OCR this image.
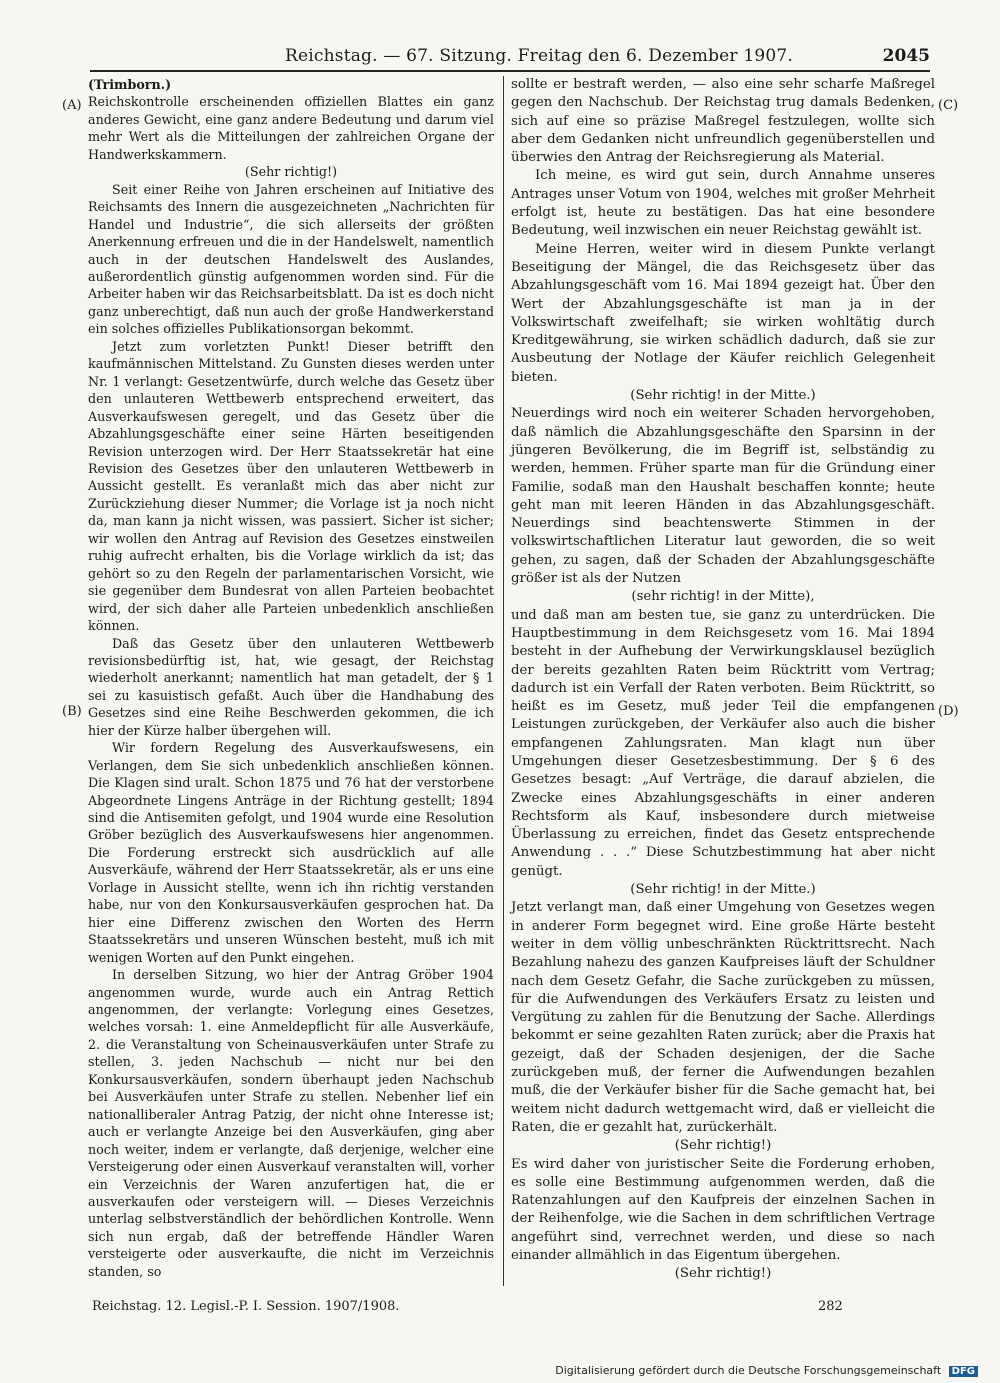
Reichstag. — 67. Sitzung. Freitag den 6. Dezember 1907.	2045
(A)
(B)
(C)
(D)
(Trimborn.)

Reichskontrolle erscheinenden offiziellen Blattes ein ganz anderes Gewicht, eine ganz andere Bedeutung und darum viel mehr Wert als die Mitteilungen der zahlreichen Organe der Handwerkskammern.

(Sehr richtig!)

Seit einer Reihe von Jahren erscheinen auf Initiative des Reichsamts des Innern die ausgezeichneten „Nachrichten für Handel und Industrie“, die sich allerseits der größten Anerkennung erfreuen und die in der Handelswelt, namentlich auch in der deutschen Handelswelt des Auslandes, außerordentlich günstig aufgenommen worden sind. Für die Arbeiter haben wir das Reichsarbeitsblatt. Da ist es doch nicht ganz unberechtigt, daß nun auch der große Handwerkerstand ein solches offizielles Publikationsorgan bekommt.

Jetzt zum vorletzten Punkt! Dieser betrifft den kaufmännischen Mittelstand. Zu Gunsten dieses werden unter Nr. 1 verlangt: Gesetzentwürfe, durch welche das Gesetz über den unlauteren Wettbewerb entsprechend erweitert, das Ausverkaufswesen geregelt, und das Gesetz über die Abzahlungsgeschäfte einer seine Härten beseitigenden Revision unterzogen wird. Der Herr Staatssekretär hat eine Revision des Gesetzes über den unlauteren Wettbewerb in Aussicht gestellt. Es veranlaßt mich das aber nicht zur Zurückziehung dieser Nummer; die Vorlage ist ja noch nicht da, man kann ja nicht wissen, was passiert. Sicher ist sicher; wir wollen den Antrag auf Revision des Gesetzes einstweilen ruhig aufrecht erhalten, bis die Vorlage wirklich da ist; das gehört so zu den Regeln der parlamentarischen Vorsicht, wie sie gegenüber dem Bundesrat von allen Parteien beobachtet wird, der sich daher alle Parteien unbedenklich anschließen können.

Daß das Gesetz über den unlauteren Wettbewerb revisionsbedürftig ist, hat, wie gesagt, der Reichstag wiederholt anerkannt; namentlich hat man getadelt, der § 1 sei zu kasuistisch gefaßt. Auch über die Handhabung des Gesetzes sind eine Reihe Beschwerden gekommen, die ich hier der Kürze halber übergehen will.

Wir fordern Regelung des Ausverkaufswesens, ein Verlangen, dem Sie sich unbedenklich anschließen können. Die Klagen sind uralt. Schon 1875 und 76 hat der verstorbene Abgeordnete Lingens Anträge in der Richtung gestellt; 1894 sind die Antisemiten gefolgt, und 1904 wurde eine Resolution Gröber bezüglich des Ausverkaufswesens hier angenommen. Die Forderung erstreckt sich ausdrücklich auf alle Ausverkäufe, während der Herr Staatssekretär, als er uns eine Vorlage in Aussicht stellte, wenn ich ihn richtig verstanden habe, nur von den Konkursausverkäufen gesprochen hat. Da hier eine Differenz zwischen den Worten des Herrn Staatssekretärs und unseren Wünschen besteht, muß ich mit wenigen Worten auf den Punkt eingehen.

In derselben Sitzung, wo hier der Antrag Gröber 1904 angenommen wurde, wurde auch ein Antrag Rettich angenommen, der verlangte: Vorlegung eines Gesetzes, welches vorsah: 1. eine Anmeldepflicht für alle Ausverkäufe, 2. die Veranstaltung von Scheinausverkäufen unter Strafe zu stellen, 3. jeden Nachschub — nicht nur bei den Konkursausverkäufen, sondern überhaupt jeden Nachschub bei Ausverkäufen unter Strafe zu stellen. Nebenher lief ein nationalliberaler Antrag Patzig, der nicht ohne Interesse ist; auch er verlangte Anzeige bei den Ausverkäufen, ging aber noch weiter, indem er verlangte, daß derjenige, welcher eine Versteigerung oder einen Ausverkauf veranstalten will, vorher ein Verzeichnis der Waren anzufertigen hat, die er ausverkaufen oder versteigern will. — Dieses Verzeichnis unterlag selbstverständlich der behördlichen Kontrolle. Wenn sich nun ergab, daß der betreffende Händler Waren versteigerte oder ausverkaufte, die nicht im Verzeichnis standen, so

sollte er bestraft werden, — also eine sehr scharfe Maßregel gegen den Nachschub. Der Reichstag trug damals Bedenken, sich auf eine so präzise Maßregel festzulegen, wollte sich aber dem Gedanken nicht unfreundlich gegenüberstellen und überwies den Antrag der Reichsregierung als Material.

Ich meine, es wird gut sein, durch Annahme unseres Antrages unser Votum von 1904, welches mit großer Mehrheit erfolgt ist, heute zu bestätigen. Das hat eine besondere Bedeutung, weil inzwischen ein neuer Reichstag gewählt ist.

Meine Herren, weiter wird in diesem Punkte verlangt Beseitigung der Mängel, die das Reichsgesetz über das Abzahlungsgeschäft vom 16. Mai 1894 gezeigt hat. Über den Wert der Abzahlungsgeschäfte ist man ja in der Volkswirtschaft zweifelhaft; sie wirken wohltätig durch Kreditgewährung, sie wirken schädlich dadurch, daß sie zur Ausbeutung der Notlage der Käufer reichlich Gelegenheit bieten.

(Sehr richtig! in der Mitte.)

Neuerdings wird noch ein weiterer Schaden hervorgehoben, daß nämlich die Abzahlungsgeschäfte den Sparsinn in der jüngeren Bevölkerung, die im Begriff ist, selbständig zu werden, hemmen. Früher sparte man für die Gründung einer Familie, sodaß man den Haushalt beschaffen konnte; heute geht man mit leeren Händen in das Abzahlungsgeschäft. Neuerdings sind beachtenswerte Stimmen in der volkswirtschaftlichen Literatur laut geworden, die so weit gehen, zu sagen, daß der Schaden der Abzahlungsgeschäfte größer ist als der Nutzen

(sehr richtig! in der Mitte),

und daß man am besten tue, sie ganz zu unterdrücken. Die Hauptbestimmung in dem Reichsgesetz vom 16. Mai 1894 besteht in der Aufhebung der Verwirkungsklausel bezüglich der bereits gezahlten Raten beim Rücktritt vom Vertrag; dadurch ist ein Verfall der Raten verboten. Beim Rücktritt, so heißt es im Gesetz, muß jeder Teil die empfangenen Leistungen zurückgeben, der Verkäufer also auch die bisher empfangenen Zahlungsraten. Man klagt nun über Umgehungen dieser Gesetzesbestimmung. Der § 6 des Gesetzes besagt: „Auf Verträge, die darauf abzielen, die Zwecke eines Abzahlungsgeschäfts in einer anderen Rechtsform als Kauf, insbesondere durch mietweise Überlassung zu erreichen, findet das Gesetz entsprechende Anwendung . . .“ Diese Schutzbestimmung hat aber nicht genügt.

(Sehr richtig! in der Mitte.)

Jetzt verlangt man, daß einer Umgehung von Gesetzes wegen in anderer Form begegnet wird. Eine große Härte besteht weiter in dem völlig unbeschränkten Rücktrittsrecht. Nach Bezahlung nahezu des ganzen Kaufpreises läuft der Schuldner nach dem Gesetz Gefahr, die Sache zurückgeben zu müssen, für die Aufwendungen des Verkäufers Ersatz zu leisten und Vergütung zu zahlen für die Benutzung der Sache. Allerdings bekommt er seine gezahlten Raten zurück; aber die Praxis hat gezeigt, daß der Schaden desjenigen, der die Sache zurückgeben muß, der ferner die Aufwendungen bezahlen muß, die der Verkäufer bisher für die Sache gemacht hat, bei weitem nicht dadurch wettgemacht wird, daß er vielleicht die Raten, die er gezahlt hat, zurückerhält.

(Sehr richtig!)

Es wird daher von juristischer Seite die Forderung erhoben, es solle eine Bestimmung aufgenommen werden, daß die Ratenzahlungen auf den Kaufpreis der einzelnen Sachen in der Reihenfolge, wie die Sachen in dem schriftlichen Vertrage angeführt sind, verrechnet werden, und diese so nach einander allmählich in das Eigentum übergehen.

(Sehr richtig!)

Reichstag. 12. Legisl.-P. I. Session. 1907/1908.	282
Digitalisierung gefördert durch die Deutsche Forschungsgemeinschaft DFG
